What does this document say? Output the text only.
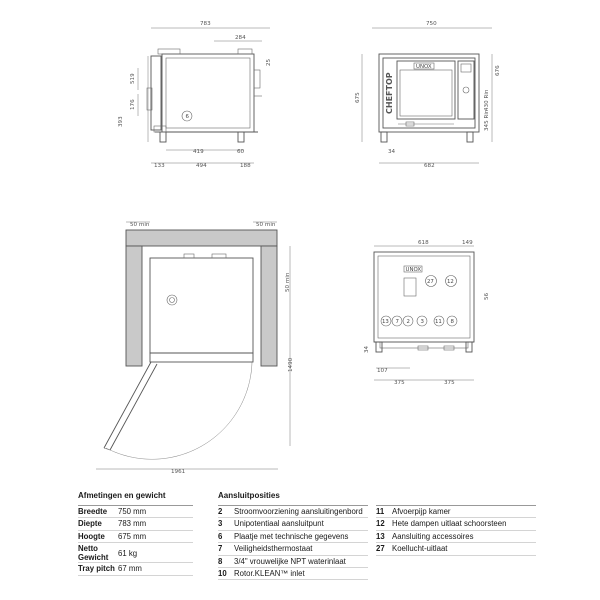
6
783
284
25
519
176
393
419	60
133	494	188
UNOX
CHEFTOP
750
675
676
430 Rin
345 Rin
34
682
50 min	50 min
50 min
1490
1961
UNOX
27 12
13 7 2 3 11 8
618	149
56
34
107
375	375
Afmetingen en gewicht
Breedte 750 mm
Diepte 783 mm
Hoogte 675 mm
Netto
Gewicht 61 kg
Tray pitch 67 mm
Aansluitposities
2 Stroomvoorziening aansluitingenbord
3 Unipotentiaal aansluitpunt
6 Plaatje met technische gegevens
7 Veiligheidsthermostaat
8 3/4" vrouwelijke NPT waterinlaat
10 Rotor.KLEAN™ inlet

11 Afvoerpijp kamer
12 Hete dampen uitlaat schoorsteen
13 Aansluiting accessoires
27 Koellucht-uitlaat
